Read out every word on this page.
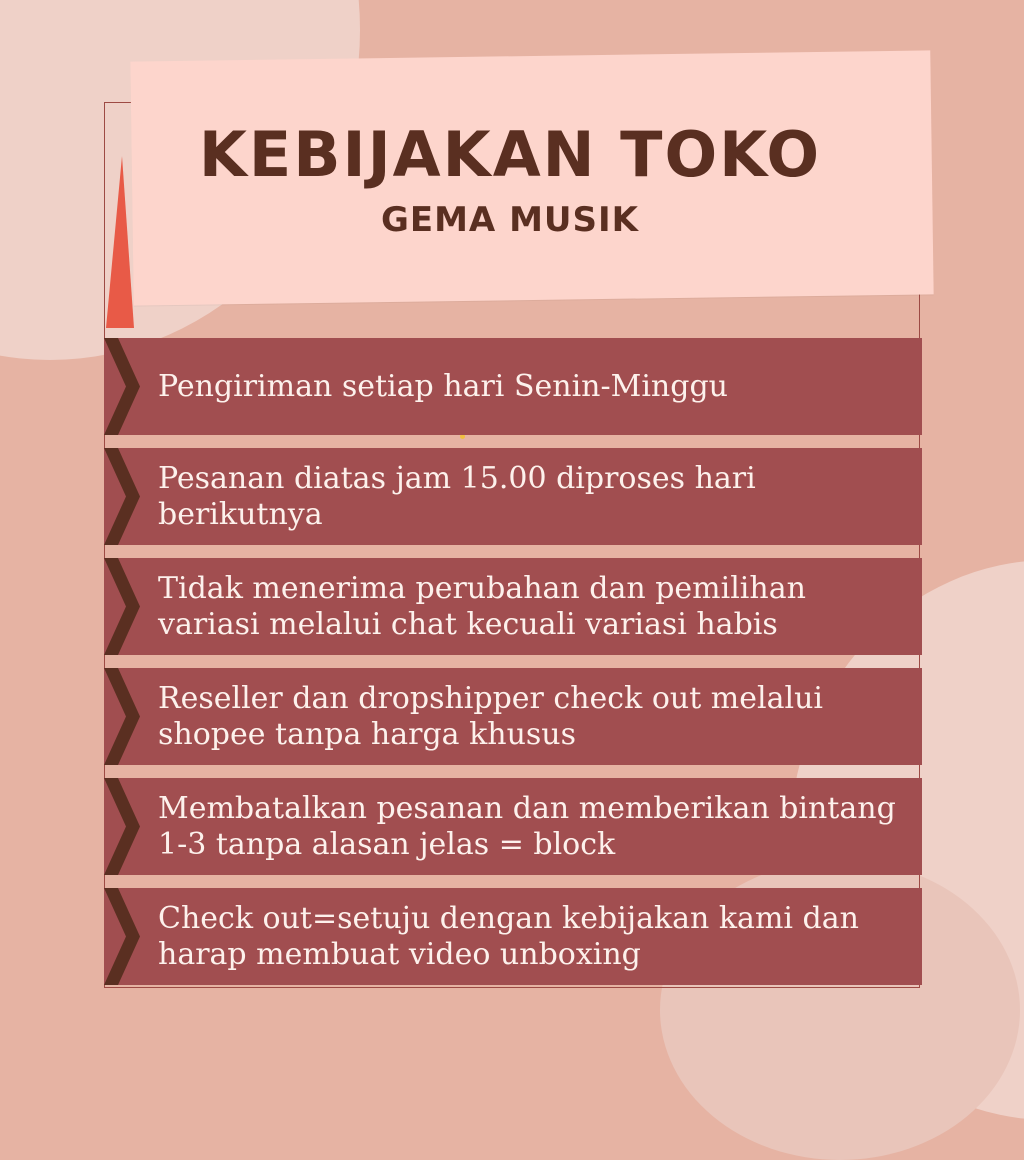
KEBIJAKAN TOKO
GEMA MUSIK
Pengiriman setiap hari Senin-Minggu
Pesanan diatas jam 15.00 diproses hari berikutnya
Tidak menerima perubahan dan pemilihan variasi melalui chat kecuali variasi habis
Reseller dan dropshipper check out melalui shopee tanpa harga khusus
Membatalkan pesanan dan memberikan bintang 1-3 tanpa alasan jelas = block
Check out=setuju dengan kebijakan kami dan harap membuat video unboxing
